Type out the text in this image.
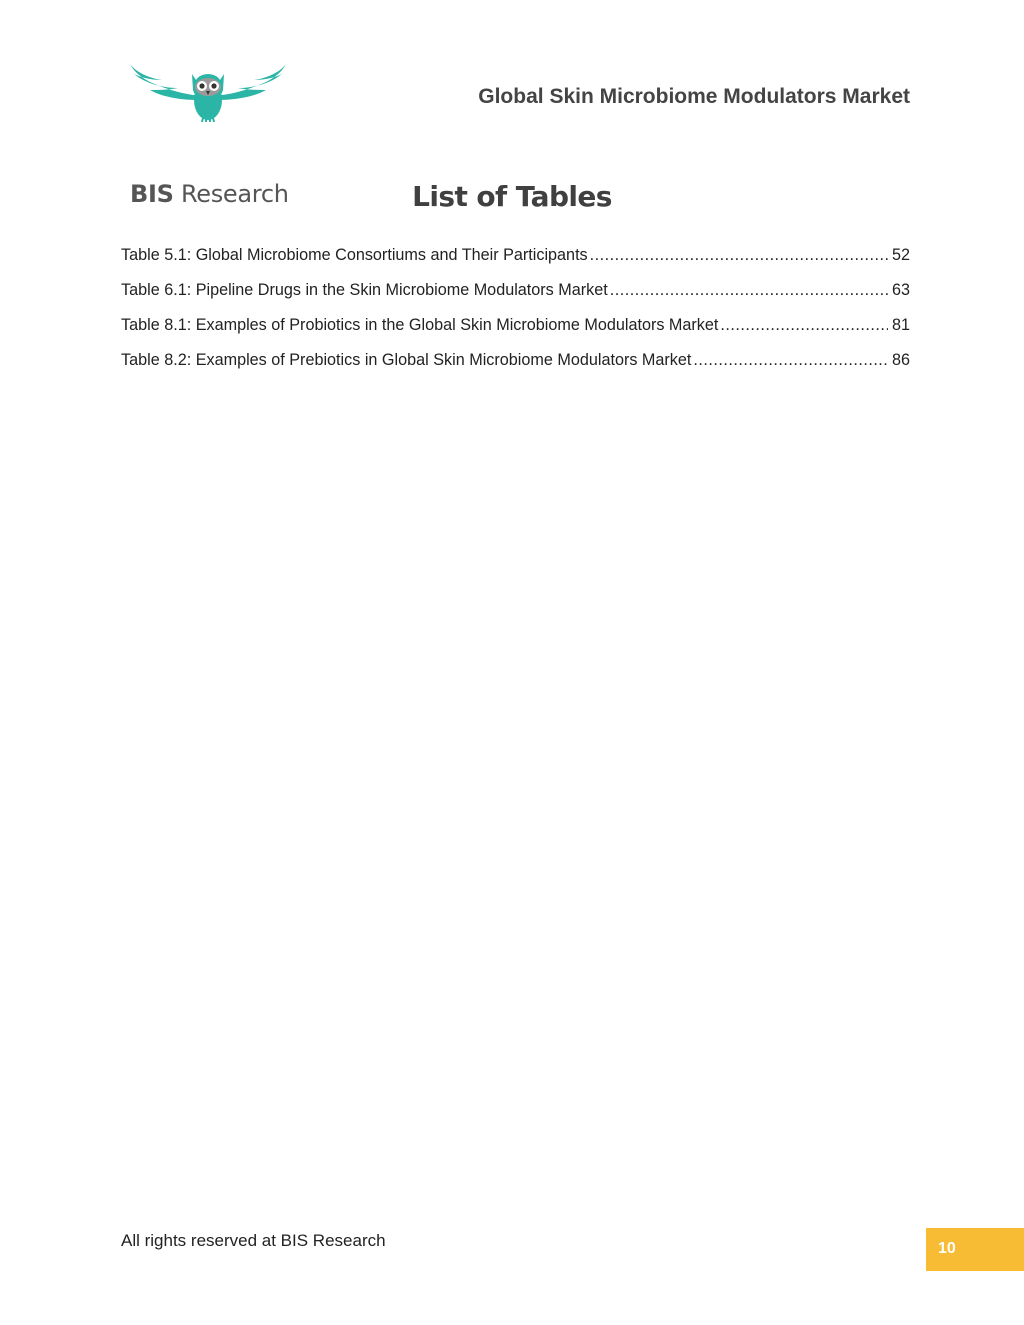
BIS Research
Global Skin Microbiome Modulators Market
List of Tables
Table 5.1: Global Microbiome Consortiums and Their Participants .....	52
Table 6.1: Pipeline Drugs in the Skin Microbiome Modulators Market .....	63
Table 8.1: Examples of Probiotics in the Global Skin Microbiome Modulators Market .....	81
Table 8.2: Examples of Prebiotics in Global Skin Microbiome Modulators Market .....	86
All rights reserved at BIS Research	10
